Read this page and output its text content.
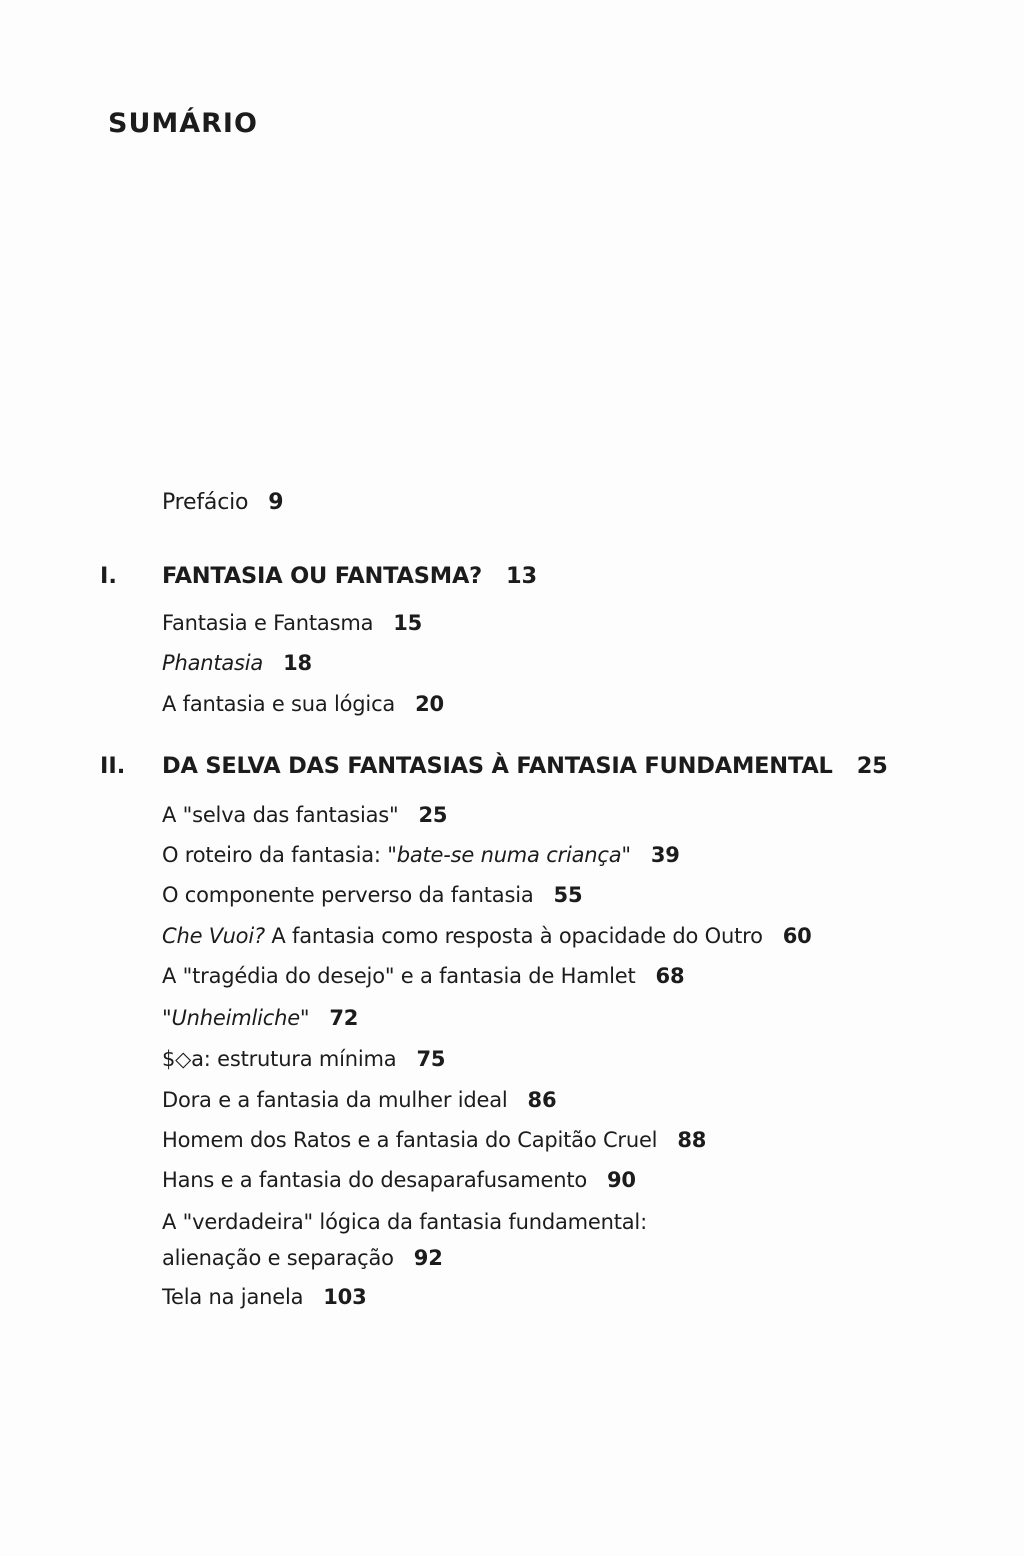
SUMÁRIO
Prefácio 9
I. FANTASIA OU FANTASMA? 13
Fantasia e Fantasma 15
Phantasia 18
A fantasia e sua lógica 20
II. DA SELVA DAS FANTASIAS À FANTASIA FUNDAMENTAL 25
A "selva das fantasias" 25
O roteiro da fantasia: "bate-se numa criança" 39
O componente perverso da fantasia 55
Che Vuoi? A fantasia como resposta à opacidade do Outro 60
A "tragédia do desejo" e a fantasia de Hamlet 68
"Unheimliche" 72
$◇a: estrutura mínima 75
Dora e a fantasia da mulher ideal 86
Homem dos Ratos e a fantasia do Capitão Cruel 88
Hans e a fantasia do desaparafusamento 90
A "verdadeira" lógica da fantasia fundamental:
alienação e separação 92
Tela na janela 103
